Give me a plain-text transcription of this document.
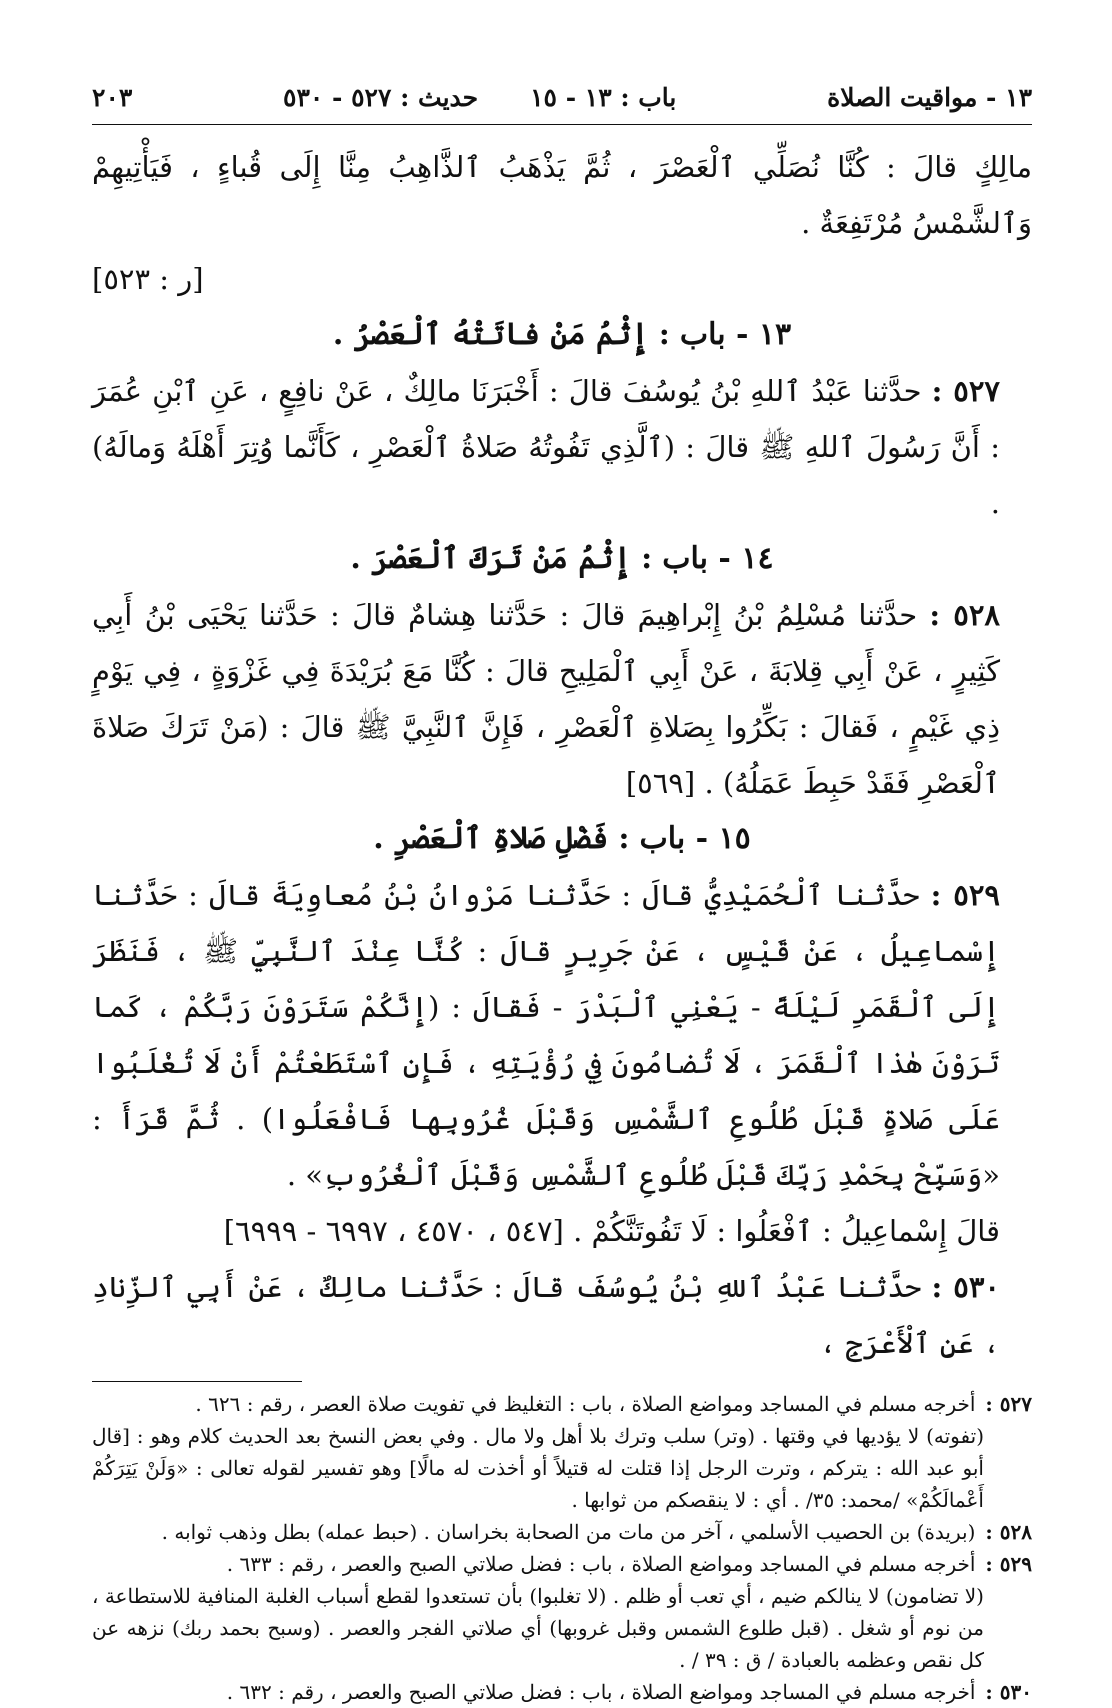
١٣ - مواقيت الصلاة
باب : ١٣ - ١٥
حديث : ٥٢٧ - ٥٣٠
٢٠٣

مالِكٍ قالَ : كُنَّا نُصَلِّي ٱلْعَصْرَ ، ثُمَّ يَذْهَبُ ٱلذَّاهِبُ مِنَّا إِلَى قُباءٍ ، فَيَأْتِيهِمْ وَٱلشَّمْسُ مُرْتَفِعَةٌ .

[ر : ٥٢٣]

١٣ - باب:إِثْمُ مَنْ فاتَتْهُ ٱلْعَصْرُ .

٥٢٧ : حدَّثنا عَبْدُ ٱللهِ بْنُ يُوسُفَ قالَ : أَخْبَرَنَا مالِكٌ ، عَنْ نافِعٍ ، عَنِ ٱبْنِ عُمَرَ : أَنَّ رَسُولَ ٱللهِ ﷺ قالَ : (ٱلَّذِي تَفُوتُهُ صَلاةُ ٱلْعَصْرِ ، كَأَنَّما وُتِرَ أَهْلَهُ وَمالَهُ) .

١٤ - باب:إِثْمُ مَنْ تَرَكَ ٱلْعَصْرَ .

٥٢٨ : حدَّثنا مُسْلِمُ بْنُ إِبْراهِيمَ قالَ : حَدَّثنا هِشامٌ قالَ : حَدَّثنا يَحْيَى بْنُ أَبِي كَثِيرٍ ، عَنْ أَبِي قِلابَةَ ، عَنْ أَبِي ٱلْمَلِيحِ قالَ : كُنَّا مَعَ بُرَيْدَةَ فِي غَزْوَةٍ ، فِي يَوْمٍ ذِي غَيْمٍ ، فَقالَ : بَكِّرُوا بِصَلاةِ ٱلْعَصْرِ ، فَإِنَّ ٱلنَّبِيَّ ﷺ قالَ : (مَنْ تَرَكَ صَلاةَ ٱلْعَصْرِ فَقَدْ حَبِطَ عَمَلُهُ) . [٥٦٩]

١٥ - باب:فَضْلِ صَلاةِ ٱلْعَصْرِ .

٥٢٩ : حدَّثنا ٱلْحُمَيْدِيُّ قالَ : حَدَّثنا مَرْوانُ بْنُ مُعاوِيَةَ قالَ : حَدَّثنا إِسْماعِيلُ ، عَنْ قَيْسٍ ، عَنْ جَرِيرٍ قالَ : كُنَّا عِنْدَ ٱلنَّبِيِّ ﷺ ، فَنَظَرَ إِلَى ٱلْقَمَرِ لَيْلَةً - يَعْنِي ٱلْبَدْرَ - فَقالَ : (إِنَّكُمْ سَتَرَوْنَ رَبَّكُمْ ، كَما تَرَوْنَ هٰذا ٱلْقَمَرَ ، لَا تُضامُونَ فِي رُؤْيَتِهِ ، فَإِنِ ٱسْتَطَعْتُمْ أَنْ لَا تُغْلَبُوا عَلَى صَلاةٍ قَبْلَ طُلُوعِ ٱلشَّمْسِ وَقَبْلَ غُرُوبِها فَافْعَلُوا) . ثُمَّ قَرَأَ : «وَسَبِّحْ بِحَمْدِ رَبِّكَ قَبْلَ طُلُوعِ ٱلشَّمْسِ وَقَبْلَ ٱلْغُرُوبِ» .

قالَ إِسْماعِيلُ : ٱفْعَلُوا : لَا تَفُوتَنَّكُمْ . [٥٤٧ ، ٤٥٧٠ ، ٦٩٩٧ - ٦٩٩٩]

٥٣٠ : حدَّثنا عَبْدُ ٱللهِ بْنُ يُوسُفَ قالَ : حَدَّثنا مالِكٌ ، عَنْ أَبِي ٱلزِّنادِ ، عَنِ ٱلْأَعْرَجِ ،

٥٢٧ :
أخرجه مسلم في المساجد ومواضع الصلاة ، باب : التغليظ في تفويت صلاة العصر ، رقم : ٦٢٦ .
(تفوته) لا يؤديها في وقتها . (وتر) سلب وترك بلا أهل ولا مال . وفي بعض النسخ بعد الحديث كلام وهو : [قال أبو عبد الله : يتركم ، وترت الرجل إذا قتلت له قتيلاً أو أخذت له مالًا] وهو تفسير لقوله تعالى : «وَلَنْ يَتِرَكُمْ أَعْمالَكُمْ» /محمد: ٣٥/ . أي : لا ينقصكم من ثوابها .
٥٢٨ :
(بريدة) بن الحصيب الأسلمي ، آخر من مات من الصحابة بخراسان . (حبط عمله) بطل وذهب ثوابه .
٥٢٩ :
أخرجه مسلم في المساجد ومواضع الصلاة ، باب : فضل صلاتي الصبح والعصر ، رقم : ٦٣٣ .
(لا تضامون) لا ينالكم ضيم ، أي تعب أو ظلم . (لا تغلبوا) بأن تستعدوا لقطع أسباب الغلبة المنافية للاستطاعة ، من نوم أو شغل . (قبل طلوع الشمس وقبل غروبها) أي صلاتي الفجر والعصر . (وسبح بحمد ربك) نزهه عن كل نقص وعظمه بالعبادة / ق : ٣٩ / .
٥٣٠ :
أخرجه مسلم في المساجد ومواضع الصلاة ، باب : فضل صلاتي الصبح والعصر ، رقم : ٦٣٢ .
